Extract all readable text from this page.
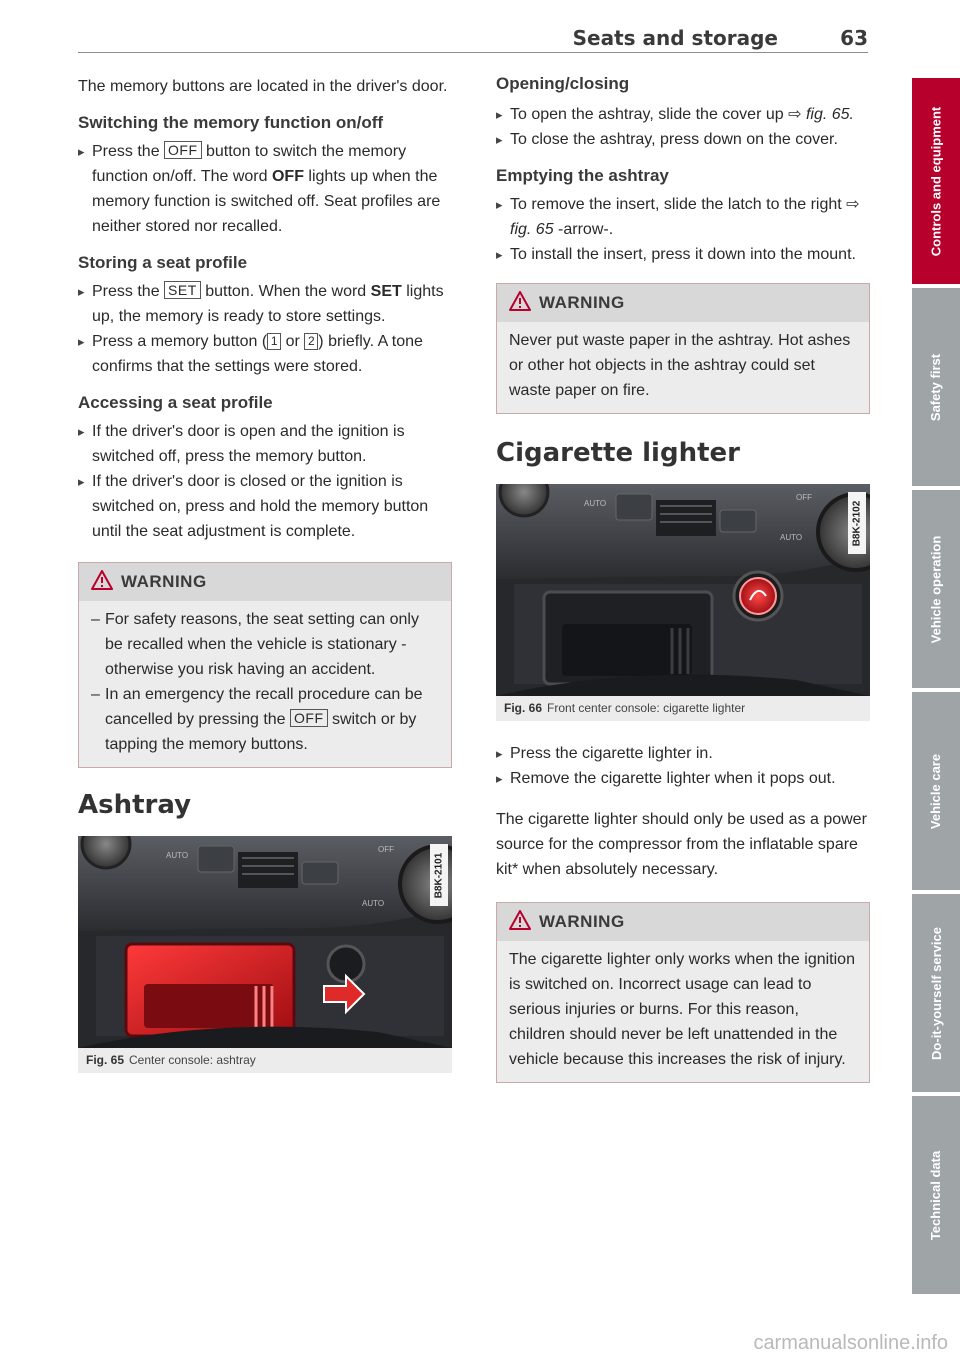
Seats and storage	63

The memory buttons are located in the driver's door.

Switching the memory function on/off
▸ Press the OFF button to switch the memory function on/off. The word OFF lights up when the memory function is switched off. Seat profiles are neither stored nor recalled.
Storing a seat profile
▸ Press the SET button. When the word SET lights up, the memory is ready to store settings.
▸ Press a memory button ( 1 or 2 ) briefly. A tone confirms that the settings were stored.
Accessing a seat profile
▸ If the driver's door is open and the ignition is switched off, press the memory button.
▸ If the driver's door is closed or the ignition is switched on, press and hold the memory button until the seat adjustment is complete.
WARNING
– For safety reasons, the seat setting can only be recalled when the vehicle is stationary - otherwise you risk having an accident.
– In an emergency the recall procedure can be cancelled by pressing the OFF switch or by tapping the memory buttons.
Ashtray
AUTO
AUTO
OFF
B8K-2101
Fig. 65 Center console: ashtray
Opening/closing
▸ To open the ashtray, slide the cover up ⇨ fig. 65.
▸ To close the ashtray, press down on the cover.
Emptying the ashtray
▸ To remove the insert, slide the latch to the right ⇨ fig. 65 -arrow-.
▸ To install the insert, press it down into the mount.
WARNING

Never put waste paper in the ashtray. Hot ashes or other hot objects in the ashtray could set waste paper on fire.

Cigarette lighter
AUTO
AUTO
OFF
B8K-2102
Fig. 66 Front center console: cigarette lighter
▸ Press the cigarette lighter in.
▸ Remove the cigarette lighter when it pops out.

The cigarette lighter should only be used as a power source for the compressor from the inflatable spare kit* when absolutely necessary.

WARNING

The cigarette lighter only works when the ignition is switched on. Incorrect usage can lead to serious injuries or burns. For this reason, children should never be left unattended in the vehicle because this increases the risk of injury.

Controls and equipment
Safety first
Vehicle operation
Vehicle care
Do-it-yourself service
Technical data
carmanualsonline.info
